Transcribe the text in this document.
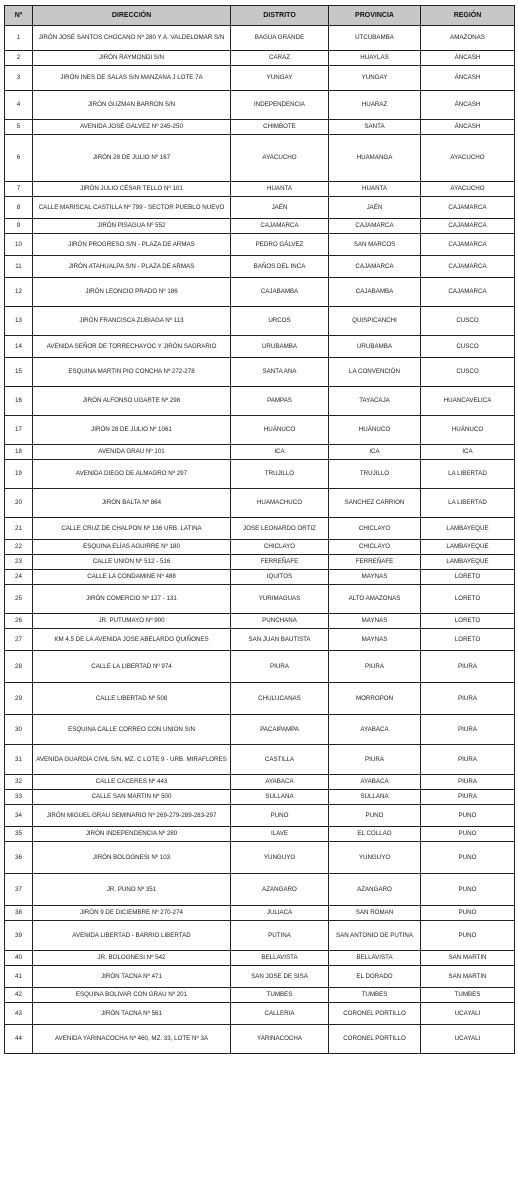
Nº	DIRECCIÓN	DISTRITO	PROVINCIA	REGIÓN
1	JIRÓN JOSÉ SANTOS CHOCANO Nº 280 Y A. VALDELOMAR S/N	BAGUA GRANDE	UTCUBAMBA	AMAZONAS
2	JIRÓN RAYMONDI S/N	CARAZ	HUAYLAS	ÁNCASH
3	JIRÓN INES DE SALAS S/N MANZANA J LOTE 7A	YUNGAY	YUNGAY	ÁNCASH
4	JIRÓN GUZMAN BARRON S/N	INDEPENDENCIA	HUARAZ	ÁNCASH
5	AVENIDA JOSÉ GALVEZ Nº 245-250	CHIMBOTE	SANTA	ÁNCASH
6	JIRÓN 28 DE JULIO Nº 167	AYACUCHO	HUAMANGA	AYACUCHO
7	JIRÓN JULIO CÉSAR TELLO Nº 101	HUANTA	HUANTA	AYACUCHO
8	CALLE MARISCAL CASTILLA Nº 799 - SECTOR PUEBLO NUEVO	JAÉN	JAÉN	CAJAMARCA
9	JIRÓN PISAGUA Nº 552	CAJAMARCA	CAJAMARCA	CAJAMARCA
10	JIRÓN PROGRESO S/N - PLAZA DE ARMAS	PEDRO GÁLVEZ	SAN MARCOS	CAJAMARCA
11	JIRÓN ATAHUALPA S/N - PLAZA DE ARMAS	BAÑOS DEL INCA	CAJAMARCA	CAJAMARCA
12	JIRÓN LEONCIO PRADO Nº 186	CAJABAMBA	CAJABAMBA	CAJAMARCA
13	JIRÓN FRANCISCA ZUBIAGA Nº 113	URCOS	QUISPICANCHI	CUSCO
14	AVENIDA SEÑOR DE TORRECHAYOC Y JIRÓN SAGRARIO	URUBAMBA	URUBAMBA	CUSCO
15	ESQUINA MARTIN PIO CONCHA Nº 272-278	SANTA ANA	LA CONVENCIÓN	CUSCO
16	JIRÓN ALFONSO UGARTE Nº 298	PAMPAS	TAYACAJA	HUANCAVELICA
17	JIRÓN 28 DE JULIO Nº 1061	HUÁNUCO	HUÁNUCO	HUÁNUCO
18	AVENIDA GRAU Nº 101	ICA	ICA	ICA
19	AVENIDA DIEGO DE ALMAGRO Nº 297	TRUJILLO	TRUJILLO	LA LIBERTAD
20	JIRÓN BALTA Nº 864	HUAMACHUCO	SANCHEZ CARRION	LA LIBERTAD
21	CALLE CRUZ DE CHALPON Nº 136 URB. LATINA	JOSE LEONARDO ORTIZ	CHICLAYO	LAMBAYEQUE
22	ESQUINA ELÍAS AGUIRRE Nº 180	CHICLAYO	CHICLAYO	LAMBAYEQUE
23	CALLE UNION Nº 512 - 516	FERREÑAFE	FERREÑAFE	LAMBAYEQUE
24	CALLE LA CONDAMINE Nº 488	IQUITOS	MAYNAS	LORETO
25	JIRÓN COMERCIO Nº 127 - 131	YURIMAGUAS	ALTO AMAZONAS	LORETO
26	JR. PUTUMAYO Nº 900	PUNCHANA	MAYNAS	LORETO
27	KM 4.5 DE LA AVENIDA JOSE ABELARDO QUIÑONES	SAN JUAN BAUTISTA	MAYNAS	LORETO
28	CALLE LA LIBERTAD Nº 974	PIURA	PIURA	PIURA
29	CALLE LIBERTAD Nº 508	CHULUCANAS	MORROPON	PIURA
30	ESQUINA CALLE CORREO CON UNION S/N	PACAIPAMPA	AYABACA	PIURA
31	AVENIDA GUARDIA CIVIL S/N, MZ. C LOTE 9 - URB. MIRAFLORES	CASTILLA	PIURA	PIURA
32	CALLE CACERES Nº 443	AYABACA	AYABACA	PIURA
33	CALLE SAN MARTIN Nº 500	SULLANA	SULLANA	PIURA
34	JIRÓN MIGUEL GRAU SEMINARIO Nº 269-279-289-283-297	PUNO	PUNO	PUNO
35	JIRÓN INDEPENDENCIA Nº 280	ILAVE	EL COLLAO	PUNO
36	JIRÓN BOLOGNESI Nº 103	YUNGUYO	YUNGUYO	PUNO
37	JR. PUNO Nº 351	AZANGARO	AZANGARO	PUNO
38	JIRÓN 9 DE DICIEMBRE Nº 270-274	JULIACA	SAN ROMAN	PUNO
39	AVENIDA LIBERTAD - BARRIO LIBERTAD	PUTINA	SAN ANTONIO DE PUTINA	PUNO
40	JR. BOLOGNESI Nº 542	BELLAVISTA	BELLAVISTA	SAN MARTIN
41	JIRÓN TACNA Nº 471	SAN JOSE DE SISA	EL DORADO	SAN MARTIN
42	ESQUINA BOLIVAR CON GRAU Nº 201	TUMBES	TUMBES	TUMBES
43	JIRÓN TACNA Nº 561	CALLERIA	CORONEL PORTILLO	UCAYALI
44	AVENIDA YARINACOCHA Nº 460, MZ. 33, LOTE Nº 3A	YARINACOCHA	CORONEL PORTILLO	UCAYALI
